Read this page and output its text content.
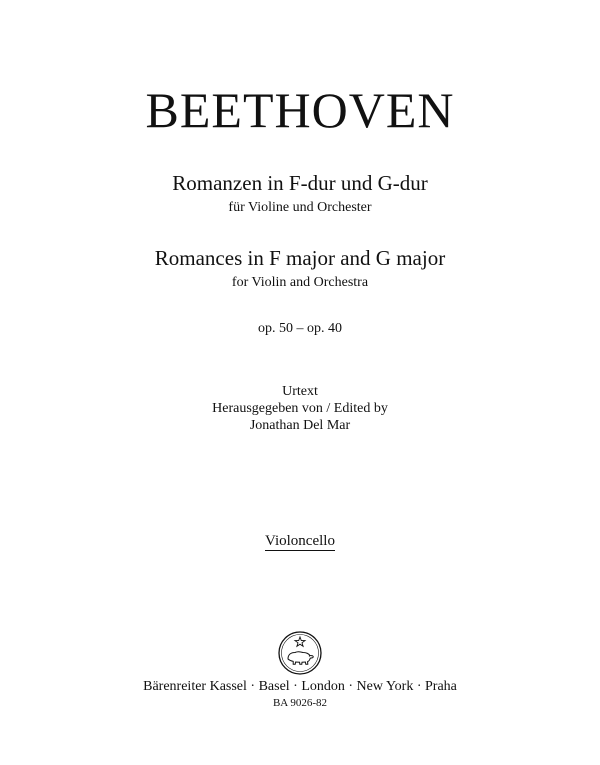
BEETHOVEN
Romanzen in F-dur und G-dur
für Violine und Orchester
Romances in F major and G major
for Violin and Orchestra
op. 50 – op. 40
Urtext
Herausgegeben von / Edited by
Jonathan Del Mar
Violoncello
Bärenreiter Kassel · Basel · London · New York · Praha
BA 9026-82
